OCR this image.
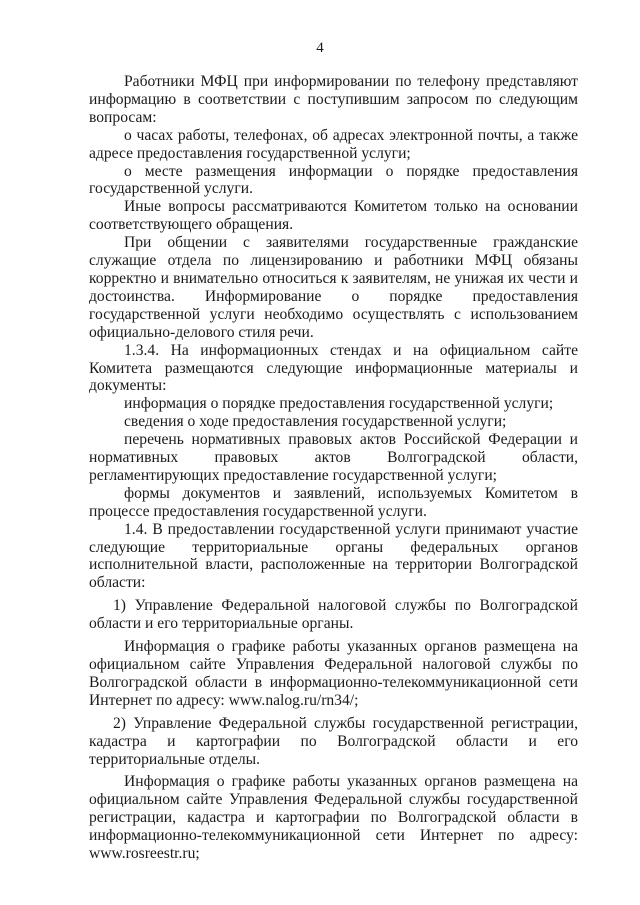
4

Работники МФЦ при информировании по телефону представляют информацию в соответствии с поступившим запросом по следующим вопросам:

о часах работы, телефонах, об адресах электронной почты, а также адресе предоставления государственной услуги;

о месте размещения информации о порядке предоставления государственной услуги.

Иные вопросы рассматриваются Комитетом только на основании соответствующего обращения.

При общении с заявителями государственные гражданские служащие отдела по лицензированию и работники МФЦ обязаны корректно и внимательно относиться к заявителям, не унижая их чести и достоинства. Информирование о порядке предоставления государственной услуги необходимо осуществлять с использованием официально-делового стиля речи.

1.3.4. На информационных стендах и на официальном сайте Комитета размещаются следующие информационные материалы и документы:

информация о порядке предоставления государственной услуги;

сведения о ходе предоставления государственной услуги;

перечень нормативных правовых актов Российской Федерации и нормативных правовых актов Волгоградской области, регламентирующих предоставление государственной услуги;

формы документов и заявлений, используемых Комитетом в процессе предоставления государственной услуги.

1.4. В предоставлении государственной услуги принимают участие следующие территориальные органы федеральных органов исполнительной власти, расположенные на территории Волгоградской области:

1) Управление Федеральной налоговой службы по Волгоградской области и его территориальные органы.

Информация о графике работы указанных органов размещена на официальном сайте Управления Федеральной налоговой службы по Волгоградской области в информационно-телекоммуникационной сети Интернет по адресу: www.nalog.ru/rn34/;

2) Управление Федеральной службы государственной регистрации, кадастра и картографии по Волгоградской области и его территориальные отделы.

Информация о графике работы указанных органов размещена на официальном сайте Управления Федеральной службы государственной регистрации, кадастра и картографии по Волгоградской области в информационно-телекоммуникационной сети Интернет по адресу: www.rosreestr.ru;
